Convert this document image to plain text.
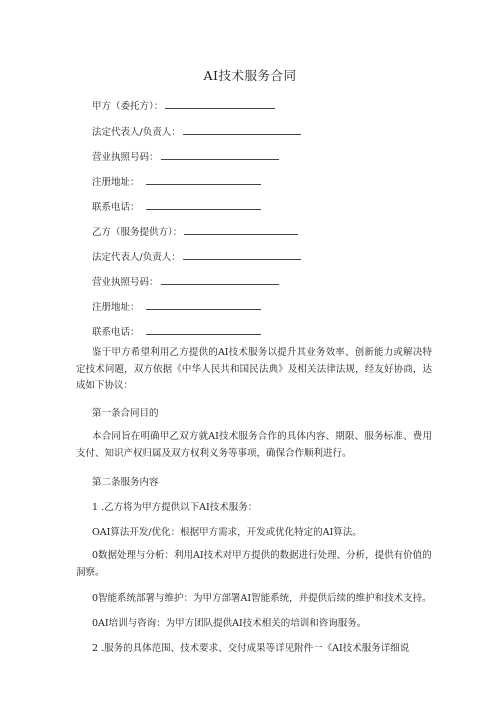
AI技术服务合同
甲方（委托方）：
法定代表人/负责人：
营业执照号码：
注册地址：
联系电话：
乙方（服务提供方）：
法定代表人/负责人：
营业执照号码：
注册地址：
联系电话：
鉴于甲方希望利用乙方提供的AI技术服务以提升其业务效率、创新能力或解决特定技术问题，双方依据《中华人民共和国民法典》及相关法律法规，经友好协商，达成如下协议：
第一条合同目的
本合同旨在明确甲乙双方就AI技术服务合作的具体内容、期限、服务标准、费用支付、知识产权归属及双方权利义务等事项，确保合作顺利进行。
第二条服务内容
1 .乙方将为甲方提供以下AI技术服务：
OAI算法开发/优化：根据甲方需求，开发或优化特定的AI算法。
0数据处理与分析：利用AI技术对甲方提供的数据进行处理、分析，提供有价值的洞察。
0智能系统部署与维护：为甲方部署AI智能系统，并提供后续的维护和技术支持。
0AI培训与咨询：为甲方团队提供AI技术相关的培训和咨询服务。
2 .服务的具体范围、技术要求、交付成果等详见附件一《AI技术服务详细说
